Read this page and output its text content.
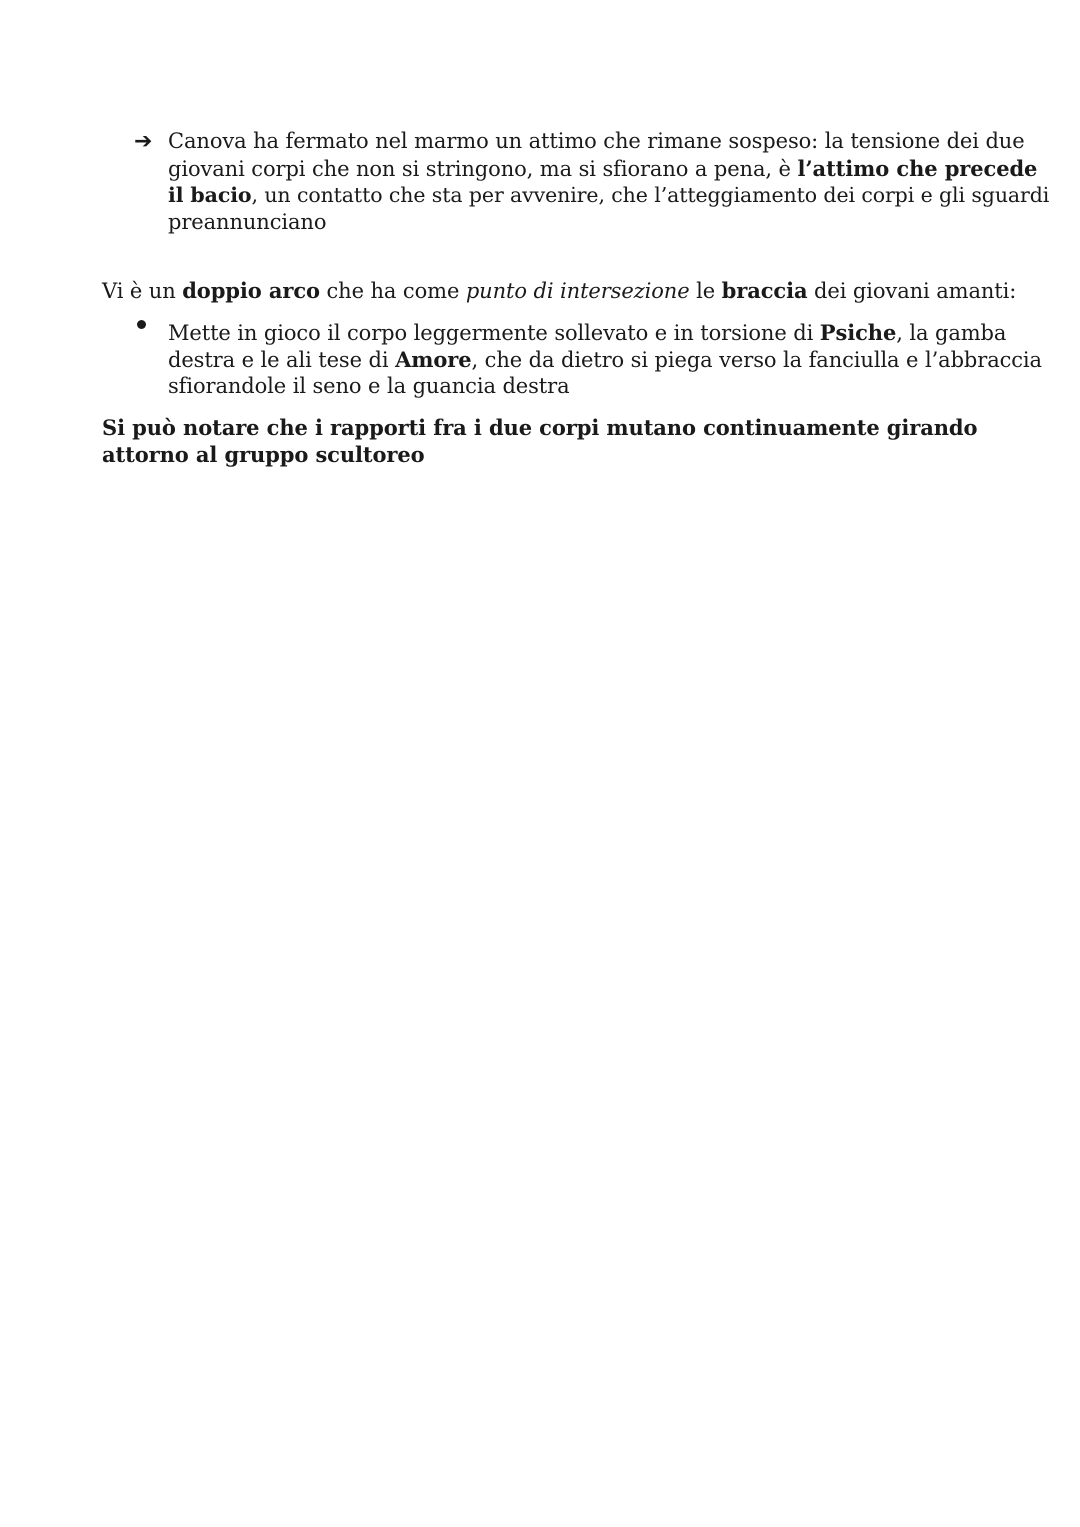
➔ Canova ha fermato nel marmo un attimo che rimane sospeso: la tensione dei due
giovani corpi che non si stringono, ma si sfiorano a pena, è l’attimo che precede
il bacio, un contatto che sta per avvenire, che l’atteggiamento dei corpi e gli sguardi
preannunciano
Vi è un doppio arco che ha come punto di intersezione le braccia dei giovani amanti:
Mette in gioco il corpo leggermente sollevato e in torsione di Psiche, la gamba
destra e le ali tese di Amore, che da dietro si piega verso la fanciulla e l’abbraccia
sfiorandole il seno e la guancia destra
Si può notare che i rapporti fra i due corpi mutano continuamente girando
attorno al gruppo scultoreo
